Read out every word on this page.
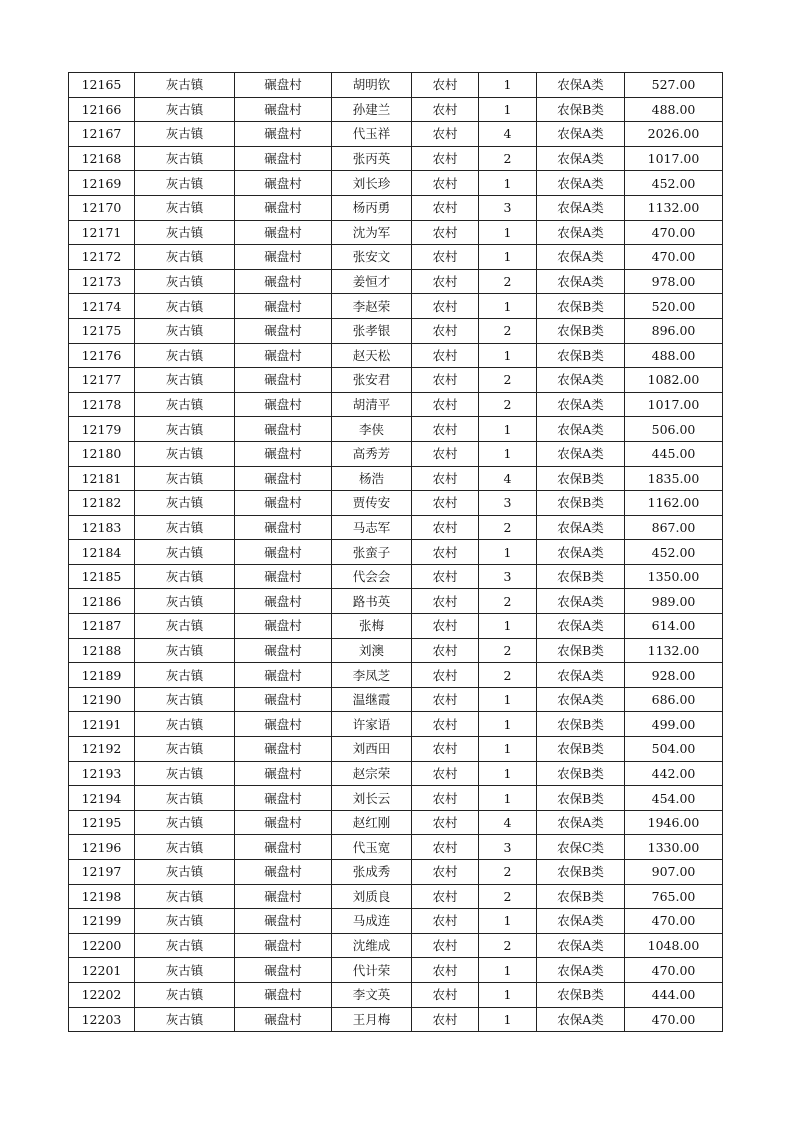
12165	灰古镇	碾盘村	胡明钦	农村	1	农保A类	527.00
12166	灰古镇	碾盘村	孙建兰	农村	1	农保B类	488.00
12167	灰古镇	碾盘村	代玉祥	农村	4	农保A类	2026.00
12168	灰古镇	碾盘村	张丙英	农村	2	农保A类	1017.00
12169	灰古镇	碾盘村	刘长珍	农村	1	农保A类	452.00
12170	灰古镇	碾盘村	杨丙勇	农村	3	农保A类	1132.00
12171	灰古镇	碾盘村	沈为军	农村	1	农保A类	470.00
12172	灰古镇	碾盘村	张安文	农村	1	农保A类	470.00
12173	灰古镇	碾盘村	姜恒才	农村	2	农保A类	978.00
12174	灰古镇	碾盘村	李赵荣	农村	1	农保B类	520.00
12175	灰古镇	碾盘村	张孝银	农村	2	农保B类	896.00
12176	灰古镇	碾盘村	赵天松	农村	1	农保B类	488.00
12177	灰古镇	碾盘村	张安君	农村	2	农保A类	1082.00
12178	灰古镇	碾盘村	胡清平	农村	2	农保A类	1017.00
12179	灰古镇	碾盘村	李侠	农村	1	农保A类	506.00
12180	灰古镇	碾盘村	高秀芳	农村	1	农保A类	445.00
12181	灰古镇	碾盘村	杨浩	农村	4	农保B类	1835.00
12182	灰古镇	碾盘村	贾传安	农村	3	农保B类	1162.00
12183	灰古镇	碾盘村	马志军	农村	2	农保A类	867.00
12184	灰古镇	碾盘村	张蛮子	农村	1	农保A类	452.00
12185	灰古镇	碾盘村	代会会	农村	3	农保B类	1350.00
12186	灰古镇	碾盘村	路书英	农村	2	农保A类	989.00
12187	灰古镇	碾盘村	张梅	农村	1	农保A类	614.00
12188	灰古镇	碾盘村	刘澳	农村	2	农保B类	1132.00
12189	灰古镇	碾盘村	李凤芝	农村	2	农保A类	928.00
12190	灰古镇	碾盘村	温继霞	农村	1	农保A类	686.00
12191	灰古镇	碾盘村	许家语	农村	1	农保B类	499.00
12192	灰古镇	碾盘村	刘西田	农村	1	农保B类	504.00
12193	灰古镇	碾盘村	赵宗荣	农村	1	农保B类	442.00
12194	灰古镇	碾盘村	刘长云	农村	1	农保B类	454.00
12195	灰古镇	碾盘村	赵红刚	农村	4	农保A类	1946.00
12196	灰古镇	碾盘村	代玉宽	农村	3	农保C类	1330.00
12197	灰古镇	碾盘村	张成秀	农村	2	农保B类	907.00
12198	灰古镇	碾盘村	刘质良	农村	2	农保B类	765.00
12199	灰古镇	碾盘村	马成连	农村	1	农保A类	470.00
12200	灰古镇	碾盘村	沈维成	农村	2	农保A类	1048.00
12201	灰古镇	碾盘村	代计荣	农村	1	农保A类	470.00
12202	灰古镇	碾盘村	李文英	农村	1	农保B类	444.00
12203	灰古镇	碾盘村	王月梅	农村	1	农保A类	470.00
